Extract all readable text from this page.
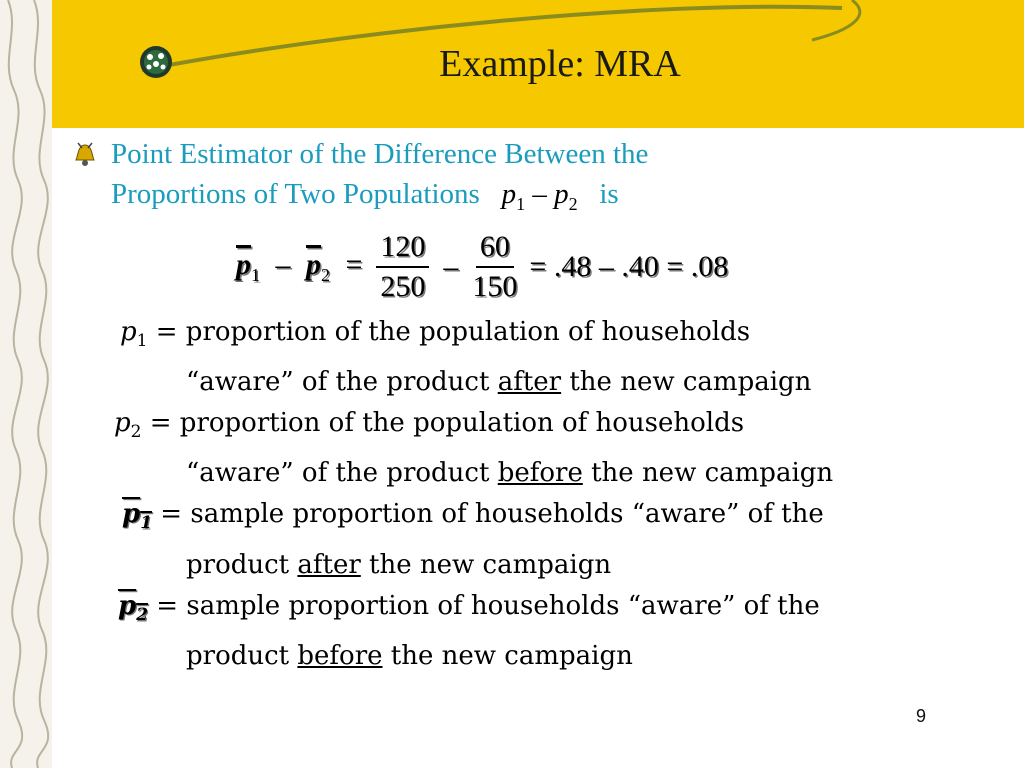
Example: MRA
Point Estimator of the Difference Between the
Proportions of Two Populations $p_1 - p_2$ is
$\overline{p}_1 - \overline{p}_2 = \frac{120}{250} - \frac{60}{150} = .48 - .40 = .08$
$p_1$ = proportion of the population of households
“aware” of the product after the new campaign
$p_2$ = proportion of the population of households
“aware” of the product before the new campaign
$p_1$ = sample proportion of households “aware” of the
product after the new campaign
$p_2$ = sample proportion of households “aware” of the
product before the new campaign
9
